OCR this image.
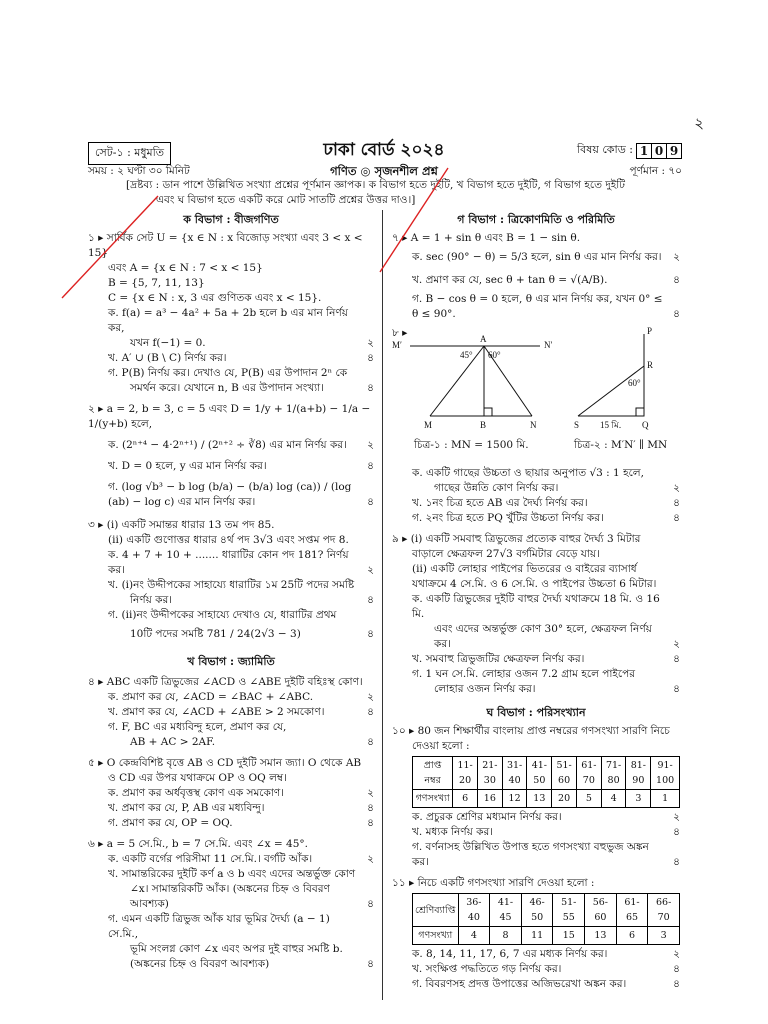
২
সেট-১ : মধুমতি	ঢাকা বোর্ড ২০২৪	বিষয় কোড : 1 0 9
সময় : ২ ঘণ্টা ৩০ মিনিট	গণিত ◎ সৃজনশীল প্রশ্ন	পূর্ণমান : ৭০
[দ্রষ্টব্য : ডান পাশে উল্লিখিত সংখ্যা প্রশ্নের পূর্ণমান জ্ঞাপক। ক বিভাগ হতে দুইটি, খ বিভাগ হতে দুইটি, গ বিভাগ হতে দুইটি
এবং ঘ বিভাগ হতে একটি করে মোট সাতটি প্রশ্নের উত্তর দাও।]
ক বিভাগ : বীজগণিত

১ ▸ সার্বিক সেট U = {x ∈ N : x বিজোড় সংখ্যা এবং 3 < x < 15}

এবং A = {x ∈ N : 7 < x < 15}

B = {5, 7, 11, 13}

C = {x ∈ N : x, 3 এর গুণিতক এবং x < 15}.

ক. f(a) = a³ − 4a² + 5a + 2b হলে b এর মান নির্ণয় কর,

যখন f(−1) = 0.	২

খ. A′ ∪ (B \ C) নির্ণয় কর।	৪

গ. P(B) নির্ণয় কর। দেখাও যে, P(B) এর উপাদান 2ⁿ কে

সমর্থন করে। যেখানে n, B এর উপাদান সংখ্যা।	৪

২ ▸ a = 2, b = 3, c = 5 এবং D = 1/y + 1/(a+b) − 1/a − 1/(y+b) হলে,

ক. (2ⁿ⁺⁴ − 4·2ⁿ⁺¹) / (2ⁿ⁺² ÷ ∛8) এর মান নির্ণয় কর। ২

খ. D = 0 হলে, y এর মান নির্ণয় কর।	৪

গ. (log √b³ − b log (b/a) − (b/a) log (ca)) / (log (ab) − log c) এর মান নির্ণয় কর।	৪

৩ ▸ (i) একটি সমান্তর ধারার 13 তম পদ 85.

(ii) একটি গুণোত্তর ধারার ৪র্থ পদ 3√3 এবং সপ্তম পদ 8.

ক. 4 + 7 + 10 + ....... ধারাটির কোন পদ 181? নির্ণয় কর।	২

খ. (i)নং উদ্দীপকের সাহায্যে ধারাটির ১ম 25টি পদের সমষ্টি

নির্ণয় কর।	৪

গ. (ii)নং উদ্দীপকের সাহায্যে দেখাও যে, ধারাটির প্রথম

10টি পদের সমষ্টি 781 / 24(2√3 − 3)	৪

খ বিভাগ : জ্যামিতি

৪ ▸ ABC একটি ত্রিভুজের ∠ACD ও ∠ABE দুইটি বহিঃস্থ কোণ।

ক. প্রমাণ কর যে, ∠ACD = ∠BAC + ∠ABC.	২

খ. প্রমাণ কর যে, ∠ACD + ∠ABE > 2 সমকোণ।	৪

গ. F, BC এর মধ্যবিন্দু হলে, প্রমাণ কর যে,

AB + AC > 2AF.	৪

৫ ▸ O কেন্দ্রবিশিষ্ট বৃত্তে AB ও CD দুইটি সমান জ্যা। O থেকে AB

ও CD এর উপর যথাক্রমে OP ও OQ লম্ব।

ক. প্রমাণ কর অর্ধবৃত্তস্থ কোণ এক সমকোণ।	২

খ. প্রমাণ কর যে, P, AB এর মধ্যবিন্দু।	৪

গ. প্রমাণ কর যে, OP = OQ.	৪

৬ ▸ a = 5 সে.মি., b = 7 সে.মি. এবং ∠x = 45°.

ক. একটি বর্গের পরিসীমা 11 সে.মি.। বর্গটি আঁক।	২

খ. সামান্তরিকের দুইটি কর্ণ a ও b এবং এদের অন্তর্ভুক্ত কোণ

∠x। সামান্তরিকটি আঁক। (অঙ্কনের চিহ্ন ও বিবরণ আবশ্যক)	৪

গ. এমন একটি ত্রিভুজ আঁক যার ভূমির দৈর্ঘ্য (a − 1) সে.মি.,

ভূমি সংলগ্ন কোণ ∠x এবং অপর দুই বাহুর সমষ্টি b.

(অঙ্কনের চিহ্ন ও বিবরণ আবশ্যক)	৪

গ বিভাগ : ত্রিকোণমিতি ও পরিমিতি

৭ ▸ A = 1 + sin θ এবং B = 1 − sin θ.

ক. sec (90° − θ) = 5/3 হলে, sin θ এর মান নির্ণয় কর। ২

খ. প্রমাণ কর যে, sec θ + tan θ = √(A/B).	৪

গ. B − cos θ = 0 হলে, θ এর মান নির্ণয় কর, যখন 0° ≤ θ ≤ 90°.	৪

৮ ▸
M′	N′
A
45° 60°
M	B	N
P
R
60°
S 15 মি. Q
চিত্র-১ : MN = 1500 মি.	চিত্র-২ : M′N′ ∥ MN

ক. একটি গাছের উচ্চতা ও ছায়ার অনুপাত √3 : 1 হলে,

গাছের উন্নতি কোণ নির্ণয় কর।	২

খ. ১নং চিত্র হতে AB এর দৈর্ঘ্য নির্ণয় কর।	৪

গ. ২নং চিত্র হতে PQ খুঁটির উচ্চতা নির্ণয় কর।	৪

৯ ▸ (i) একটি সমবাহু ত্রিভুজের প্রত্যেক বাহুর দৈর্ঘ্য 3 মিটার

বাড়ালে ক্ষেত্রফল 27√3 বর্গমিটার বেড়ে যায়।

(ii) একটি লোহার পাইপের ভিতরের ও বাইরের ব্যাসার্ধ

যথাক্রমে 4 সে.মি. ও 6 সে.মি. ও পাইপের উচ্চতা 6 মিটার।

ক. একটি ত্রিভুজের দুইটি বাহুর দৈর্ঘ্য যথাক্রমে 18 মি. ও 16 মি.

এবং এদের অন্তর্ভুক্ত কোণ 30° হলে, ক্ষেত্রফল নির্ণয় কর।	২

খ. সমবাহু ত্রিভুজটির ক্ষেত্রফল নির্ণয় কর।	৪

গ. 1 ঘন সে.মি. লোহার ওজন 7.2 গ্রাম হলে পাইপের

লোহার ওজন নির্ণয় কর।	৪

ঘ বিভাগ : পরিসংখ্যান

১০ ▸ 80 জন শিক্ষার্থীর বাংলায় প্রাপ্ত নম্বরের গণসংখ্যা সারণি নিচে

দেওয়া হলো :

প্রাপ্ত নম্বর	11-20	21-30	31-40	41-50	51-60	61-70	71-80	81-90	91-100
গণসংখ্যা	6	16	12	13	20	5	4	3	1

ক. প্রচুরক শ্রেণির মধ্যমান নির্ণয় কর।	২

খ. মধ্যক নির্ণয় কর।	৪

গ. বর্ণনাসহ উল্লিখিত উপাত্ত হতে গণসংখ্যা বহুভুজ অঙ্কন কর।	৪

১১ ▸ নিচে একটি গণসংখ্যা সারণি দেওয়া হলো :

শ্রেণিব্যাপ্তি	36-40	41-45	46-50	51-55	56-60	61-65	66-70
গণসংখ্যা	4	8	11	15	13	6	3

ক. 8, 14, 11, 17, 6, 7 এর মধ্যক নির্ণয় কর।	২

খ. সংক্ষিপ্ত পদ্ধতিতে গড় নির্ণয় কর।	৪

গ. বিবরণসহ প্রদত্ত উপাত্তের অজিভরেখা অঙ্কন কর।	৪
